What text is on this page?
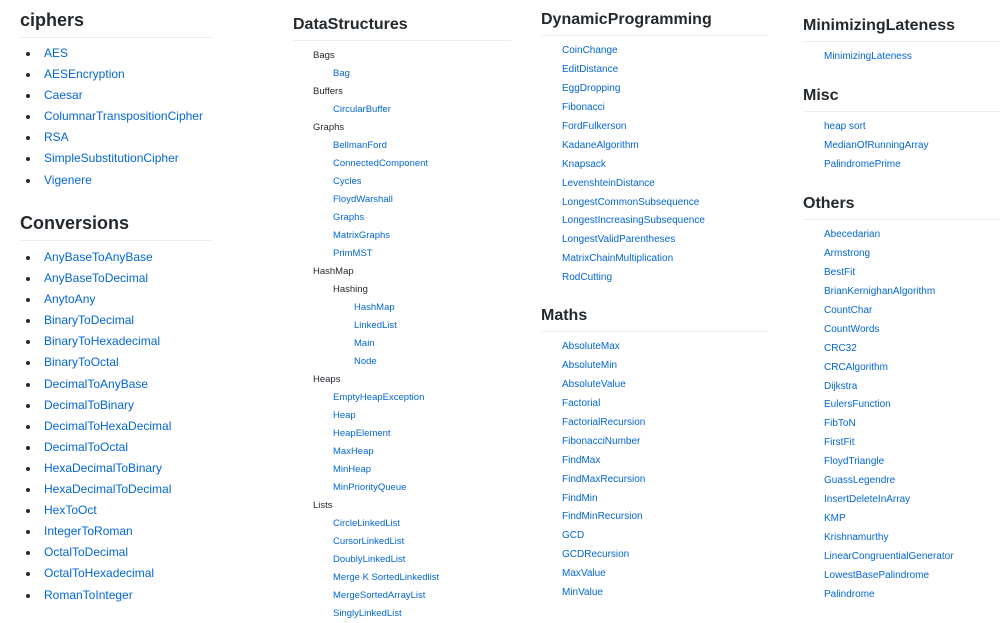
ciphers
AES
AESEncryption
Caesar
ColumnarTranspositionCipher
RSA
SimpleSubstitutionCipher
Vigenere
Conversions
AnyBaseToAnyBase
AnyBaseToDecimal
AnytoAny
BinaryToDecimal
BinaryToHexadecimal
BinaryToOctal
DecimalToAnyBase
DecimalToBinary
DecimalToHexaDecimal
DecimalToOctal
HexaDecimalToBinary
HexaDecimalToDecimal
HexToOct
IntegerToRoman
OctalToDecimal
OctalToHexadecimal
RomanToInteger
DataStructures
Bags
Bag
Buffers
CircularBuffer
Graphs
BellmanFord
ConnectedComponent
Cycles
FloydWarshall
Graphs
MatrixGraphs
PrimMST
HashMap
Hashing
HashMap
LinkedList
Main
Node
Heaps
EmptyHeapException
Heap
HeapElement
MaxHeap
MinHeap
MinPriorityQueue
Lists
CircleLinkedList
CursorLinkedList
DoublyLinkedList
Merge K SortedLinkedlist
MergeSortedArrayList
SinglyLinkedList
DynamicProgramming
CoinChange
EditDistance
EggDropping
Fibonacci
FordFulkerson
KadaneAlgorithm
Knapsack
LevenshteinDistance
LongestCommonSubsequence
LongestIncreasingSubsequence
LongestValidParentheses
MatrixChainMultiplication
RodCutting
Maths
AbsoluteMax
AbsoluteMin
AbsoluteValue
Factorial
FactorialRecursion
FibonacciNumber
FindMax
FindMaxRecursion
FindMin
FindMinRecursion
GCD
GCDRecursion
MaxValue
MinValue
MinimizingLateness
MinimizingLateness
Misc
heap sort
MedianOfRunningArray
PalindromePrime
Others
Abecedarian
Armstrong
BestFit
BrianKernighanAlgorithm
CountChar
CountWords
CRC32
CRCAlgorithm
Dijkstra
EulersFunction
FibToN
FirstFit
FloydTriangle
GuassLegendre
InsertDeleteInArray
KMP
Krishnamurthy
LinearCongruentialGenerator
LowestBasePalindrome
Palindrome
